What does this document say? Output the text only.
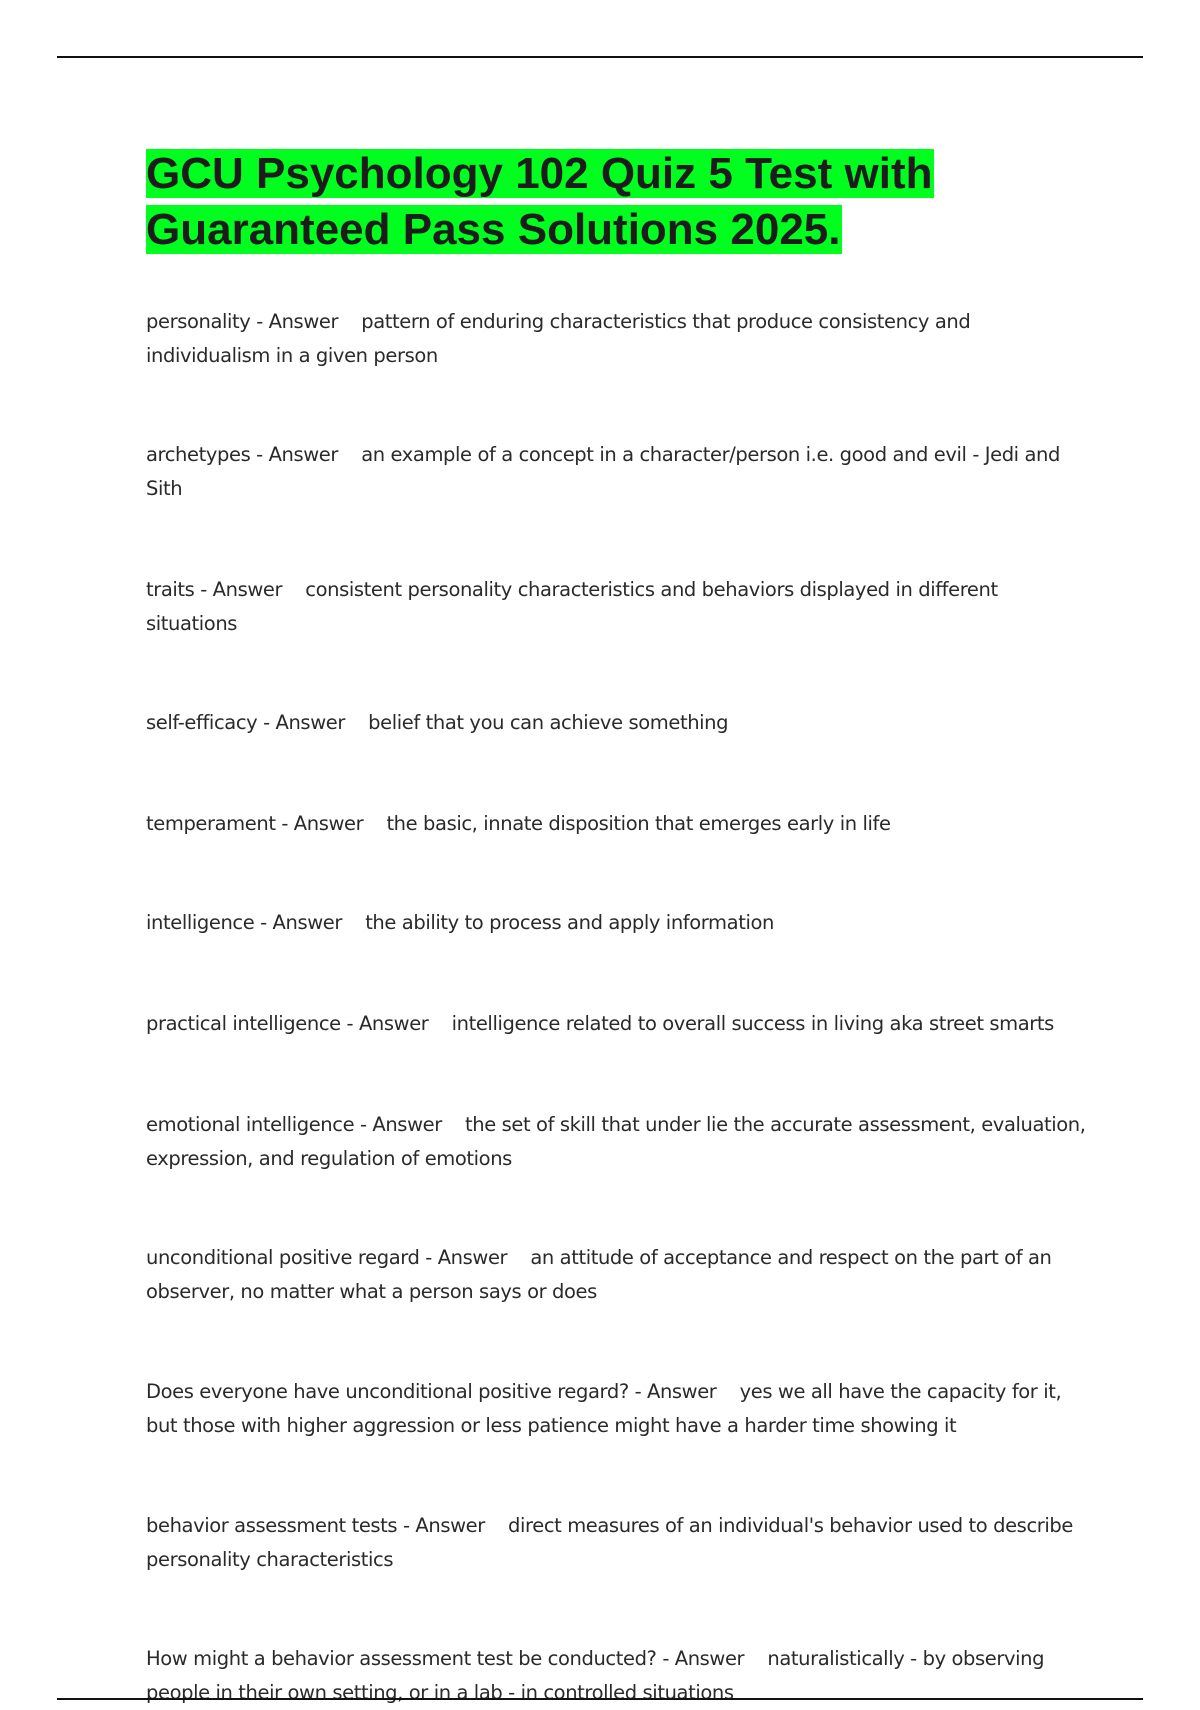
GCU Psychology 102 Quiz 5 Test with Guaranteed Pass Solutions 2025.

personality - Answer pattern of enduring characteristics that produce consistency and individualism in a given person

archetypes - Answer an example of a concept in a character/person i.e. good and evil - Jedi and Sith

traits - Answer consistent personality characteristics and behaviors displayed in different situations

self-efficacy - Answer belief that you can achieve something

temperament - Answer the basic, innate disposition that emerges early in life

intelligence - Answer the ability to process and apply information

practical intelligence - Answer intelligence related to overall success in living aka street smarts

emotional intelligence - Answer the set of skill that under lie the accurate assessment, evaluation, expression, and regulation of emotions

unconditional positive regard - Answer an attitude of acceptance and respect on the part of an observer, no matter what a person says or does

Does everyone have unconditional positive regard? - Answer yes we all have the capacity for it, but those with higher aggression or less patience might have a harder time showing it

behavior assessment tests - Answer direct measures of an individual's behavior used to describe personality characteristics

How might a behavior assessment test be conducted? - Answer naturalistically - by observing people in their own setting, or in a lab - in controlled situations
